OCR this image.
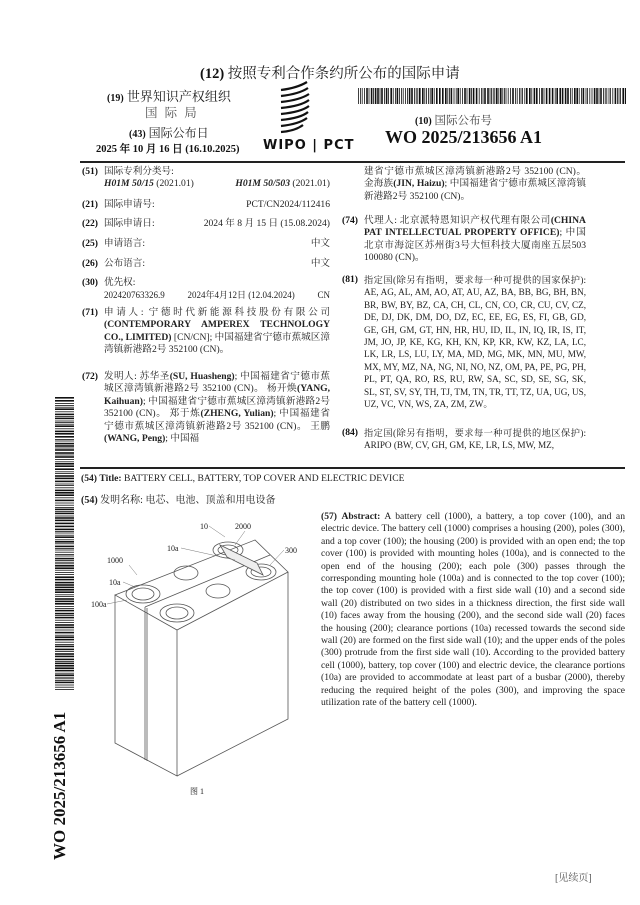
(12) 按照专利合作条约所公布的国际申请
(19) 世界知识产权组织
国 际 局
(43) 国际公布日
2025 年 10 月 16 日 (16.10.2025) WIPO | PCT
(10) 国际公布号
WO 2025/213656 A1
(51) 国际专利分类号:

H01M 50/15 (2021.01)	H01M 50/503 (2021.01)
(21) 国际申请号:	PCT/CN2024/112416
(22) 国际申请日:	2024 年 8 月 15 日 (15.08.2024)
(25) 申请语言:	中文
(26) 公布语言:	中文
(30) 优先权:
202420763326.9	2024年4月12日 (12.04.2024)	CN
(71) 申请人: 宁德时代新能源科技股份有限公司 (CONTEMPORARY AMPEREX TECHNOLOGY CO., LIMITED) [CN/CN]; 中国福建省宁德市蕉城区漳湾镇新港路2号 352100 (CN)。
(72) 发明人: 苏华圣(SU, Huasheng); 中国福建省宁德市蕉城区漳湾镇新港路2号 352100 (CN)。 杨开焕(YANG, Kaihuan); 中国福建省宁德市蕉城区漳湾镇新港路2号 352100 (CN)。 郑于炼(ZHENG, Yulian); 中国福建省宁德市蕉城区漳湾镇新港路2号 352100 (CN)。 王鹏(WANG, Peng); 中国福
建省宁德市蕉城区漳湾镇新港路2号 352100 (CN)。 金海族(JIN, Haizu); 中国福建省宁德市蕉城区漳湾镇新港路2号 352100 (CN)。
(74) 代理人: 北京派特恩知识产权代理有限公司(CHINA PAT INTELLECTUAL PROPERTY OFFICE); 中国北京市海淀区苏州街3号大恒科技大厦南座五层503 100080 (CN)。
(81) 指定国(除另有指明，要求每一种可提供的国家保护): AE, AG, AL, AM, AO, AT, AU, AZ, BA, BB, BG, BH, BN, BR, BW, BY, BZ, CA, CH, CL, CN, CO, CR, CU, CV, CZ, DE, DJ, DK, DM, DO, DZ, EC, EE, EG, ES, FI, GB, GD, GE, GH, GM, GT, HN, HR, HU, ID, IL, IN, IQ, IR, IS, IT, JM, JO, JP, KE, KG, KH, KN, KP, KR, KW, KZ, LA, LC, LK, LR, LS, LU, LY, MA, MD, MG, MK, MN, MU, MW, MX, MY, MZ, NA, NG, NI, NO, NZ, OM, PA, PE, PG, PH, PL, PT, QA, RO, RS, RU, RW, SA, SC, SD, SE, SG, SK, SL, ST, SV, SY, TH, TJ, TM, TN, TR, TT, TZ, UA, UG, US, UZ, VC, VN, WS, ZA, ZM, ZW。
(84) 指定国(除另有指明，要求每一种可提供的地区保护): ARIPO (BW, CV, GH, GM, KE, LR, LS, MW, MZ,
(54) Title: BATTERY CELL, BATTERY, TOP COVER AND ELECTRIC DEVICE
(54) 发明名称: 电芯、电池、顶盖和用电设备
(57) Abstract: A battery cell (1000), a battery, a top cover (100), and an electric device. The battery cell (1000) comprises a housing (200), poles (300), and a top cover (100); the housing (200) is provided with an open end; the top cover (100) is provided with mounting holes (100a), and is connected to the open end of the housing (200); each pole (300) passes through the corresponding mounting hole (100a) and is connected to the top cover (100); the top cover (100) is provided with a first side wall (10) and a second side wall (20) distributed on two sides in a thickness direction, the first side wall (10) faces away from the housing (200), and the second side wall (20) faces the housing (200); clearance portions (10a) recessed towards the second side wall (20) are formed on the first side wall (10); and the upper ends of the poles (300) protrude from the first side wall (10). According to the provided battery cell (1000), battery, top cover (100) and electric device, the clearance portions (10a) are provided to accommodate at least part of a busbar (2000), thereby reducing the required height of the poles (300), and improving the space utilization rate of the battery cell (1000).
10	2000
10a	300
1000
10a
100a
图 1
WO 2025/213656 A1
[见续页]
